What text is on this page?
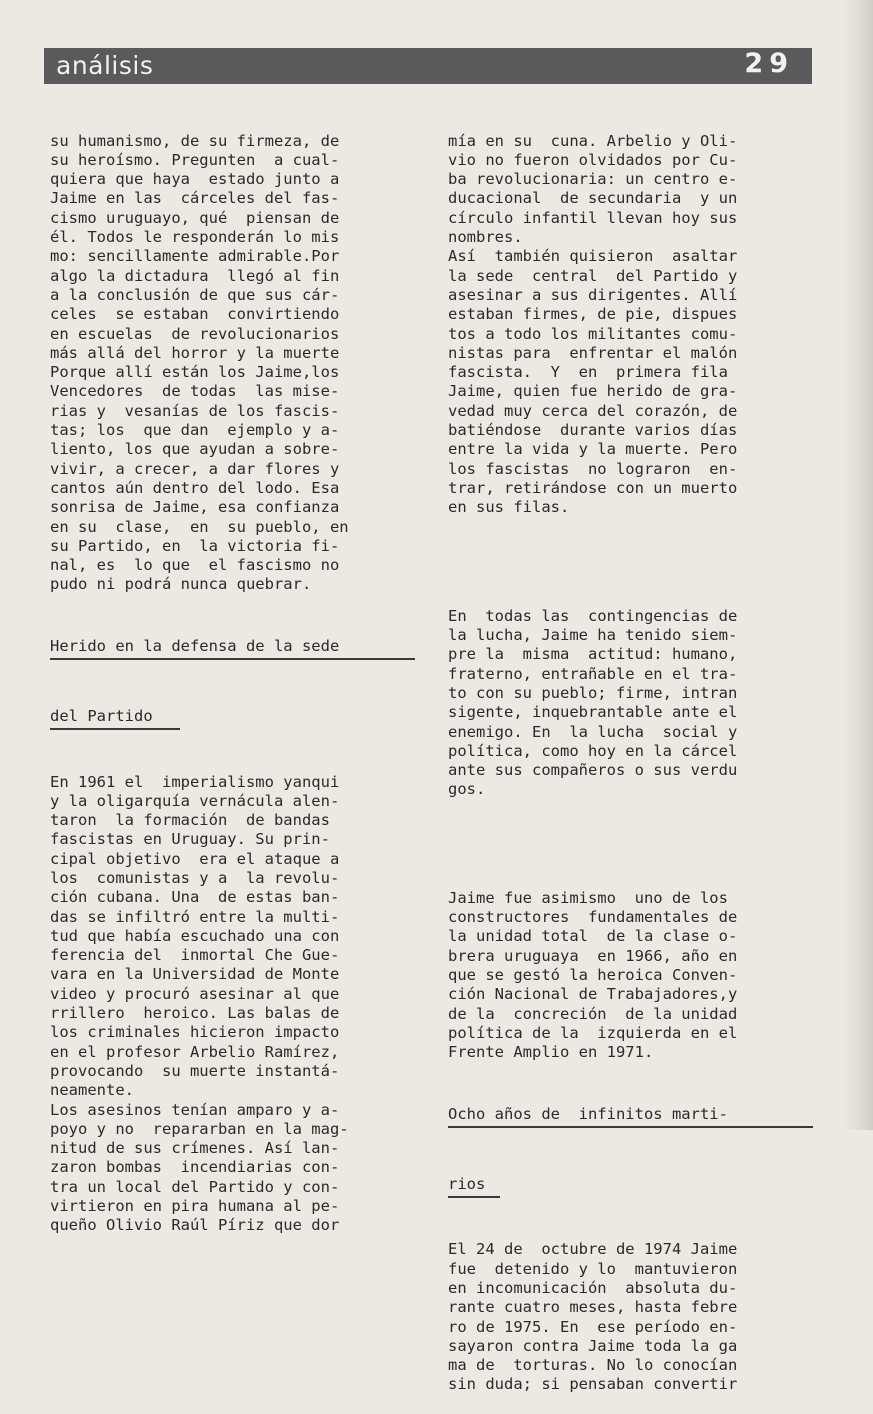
análisis	29

su humanismo, de su firmeza, de
su heroísmo. Pregunten  a cual-
quiera que haya  estado junto a
Jaime en las  cárceles del fas-
cismo uruguayo, qué  piensan de
él. Todos le responderán lo mis
mo: sencillamente admirable.Por
algo la dictadura  llegó al fin
a la conclusión de que sus cár-
celes  se estaban  convirtiendo
en escuelas  de revolucionarios
más allá del horror y la muerte
Porque allí están los Jaime,los
Vencedores  de todas  las mise-
rias y  vesanías de los fascis-
tas; los  que dan  ejemplo y a-
liento, los que ayudan a sobre-
vivir, a crecer, a dar flores y
cantos aún dentro del lodo. Esa
sonrisa de Jaime, esa confianza
en su  clase,  en  su pueblo, en
su Partido, en  la victoria fi-
nal, es  lo que  el fascismo no
pudo ni podrá nunca quebrar.

Herido en la defensa de la sede

del Partido

En 1961 el  imperialismo yanqui
y la oligarquía vernácula alen-
taron  la formación  de bandas
fascistas en Uruguay. Su prin-
cipal objetivo  era el ataque a
los  comunistas y a  la revolu-
ción cubana. Una  de estas ban-
das se infiltró entre la multi-
tud que había escuchado una con
ferencia del  inmortal Che Gue-
vara en la Universidad de Monte
video y procuró asesinar al que
rrillero  heroico. Las balas de
los criminales hicieron impacto
en el profesor Arbelio Ramírez,
provocando  su muerte instantá-
neamente.
Los asesinos tenían amparo y a-
poyo y no  repararban en la mag-
nitud de sus crímenes. Así lan-
zaron bombas  incendiarias con-
tra un local del Partido y con-
virtieron en pira humana al pe-
queño Olivio Raúl Píriz que dor

mía en su  cuna. Arbelio y Oli-
vio no fueron olvidados por Cu-
ba revolucionaria: un centro e-
ducacional  de secundaria  y un
círculo infantil llevan hoy sus
nombres.
Así  también quisieron  asaltar
la sede  central  del Partido y
asesinar a sus dirigentes. Allí
estaban firmes, de pie, dispues
tos a todo los militantes comu-
nistas para  enfrentar el malón
fascista.  Y  en  primera fila
Jaime, quien fue herido de gra-
vedad muy cerca del corazón, de
batiéndose  durante varios días
entre la vida y la muerte. Pero
los fascistas  no lograron  en-
trar, retirándose con un muerto
en sus filas.

En  todas las  contingencias de
la lucha, Jaime ha tenido siem-
pre la  misma  actitud: humano,
fraterno, entrañable en el tra-
to con su pueblo; firme, intran
sigente, inquebrantable ante el
enemigo. En  la lucha  social y
política, como hoy en la cárcel
ante sus compañeros o sus verdu
gos.

Jaime fue asimismo  uno de los
constructores  fundamentales de
la unidad total  de la clase o-
brera uruguaya  en 1966, año en
que se gestó la heroica Conven-
ción Nacional de Trabajadores,y
de la  concreción  de la unidad
política de la  izquierda en el
Frente Amplio en 1971.

Ocho años de  infinitos marti-

rios

El 24 de  octubre de 1974 Jaime
fue  detenido y lo  mantuvieron
en incomunicación  absoluta du-
rante cuatro meses, hasta febre
ro de 1975. En  ese período en-
sayaron contra Jaime toda la ga
ma de  torturas. No lo conocían
sin duda; si pensaban convertir
